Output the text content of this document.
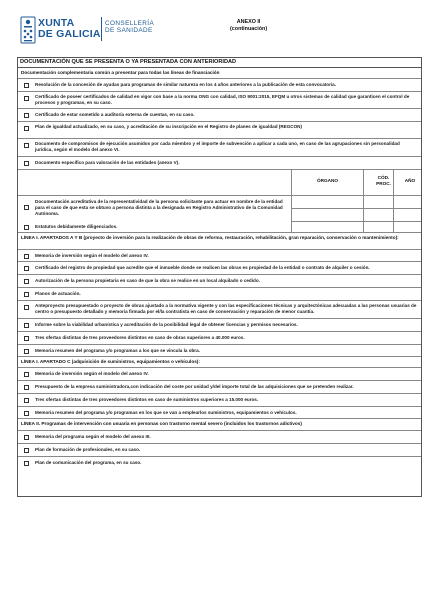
XUNTA
DE GALICIA
CONSELLERÍA
DE SANIDADE
ANEXO II
(continuación)
DOCUMENTACIÓN QUE SE PRESENTA O YA PRESENTADA CON ANTERIORIDAD
Documentación complementaria común a presentar para todas las líneas de financiación
Resolución de la concesión de ayudas para programas de similar natureza en los 4 años anteriores a la publicación de esta convocatoria.
Certificado de poseer certificados de calidad en vigor con base a la norma ONG con calidad, ISO 9001:2015, EFQM u otros sistemas de calidad que garanticen el control de procesos y programas, en su caso.
Certificado de estar sometido a auditoría externa de cuentas, en su caso.
Plan de igualdad actualizado, en su caso, y acreditación de su inscripción en el Registro de planes de igualdad (REGCON)
Documento de compromisos de ejecución asumidos por cada miembro y el importe de subvención a aplicar a cada uno, en caso de las agrupaciones sin personalidad jurídica, según el modelo del anexo VI.
Documento específico para valoración de las entidades (anexo V).
ÓRGANO
CÓD.
PROC.
AÑO
Documentación acreditativa de la representatividad de la persona solicitante para actuar en nombre de la entidad para el caso de que esta se obtuvo a persona distinta a la designada en Registro Administrativo de la Comunidad Autónoma.
Estatutos debidamente diligenciados.
LÍNEA I. APARTADOS A Y B (proyecto de inversión para la realización de obras de reforma, restauración, rehabilitación, gran reparación, conservación o mantenimiento):
Memoria de inversión según el modelo del anexo IV.
Certificado del registro de propiedad que acredite que el inmueble donde se realicen las obras es propiedad de la entidad o contrato de alquiler o cesión.
Autorización de la persona propietaria en caso de que la obra se realice en un local alquilado o cedido.
Planos de actuación.
Anteproyecto presupuestado o proyecto de obras ajustado a la normativa vigente y con las especificaciones técnicas y arquitectónicas adecuadas a las personas usuarias de centro o presupuesto detallado y memoria firmada por el/la contratista en caso de conservación y reparación de menor cuantía.
Informe sobre la viabilidad urbanística y acreditación de la posibilidad legal de obtener licencias y permisos necesarios.
Tres ofertas distintas de tres proveedores distintos en caso de obras superiores a 40.000 euros.
Memoria resumen del programa y/o programas a los que se vincula la obra.
LÍNEA I. APARTADO C (adquisición de suministros, equipamientos o vehículos):
Memoria de inversión según el modelo del anexo IV.
Presupuesto de la empresa suministradora,con indicación del coste por unidad y/del importe total de las adquisiciones que se pretenden realizar.
Tres ofertas distintas de tres proveedores distintos en caso de suministros superiores a 15.000 euros.
Memoria resumen del programa y/o programas en los que se van a emplearlos suministros, equipamientos o vehículos.
LÍNEA II. Programas de intervención con usuaria en personas con trastorno mental severo (incluidos los trastornos adictivos)
Memoria del programa según el modelo del anexo III.
Plan de formación de profesionales, en su caso.
Plan de comunicación del programa, en su caso.
